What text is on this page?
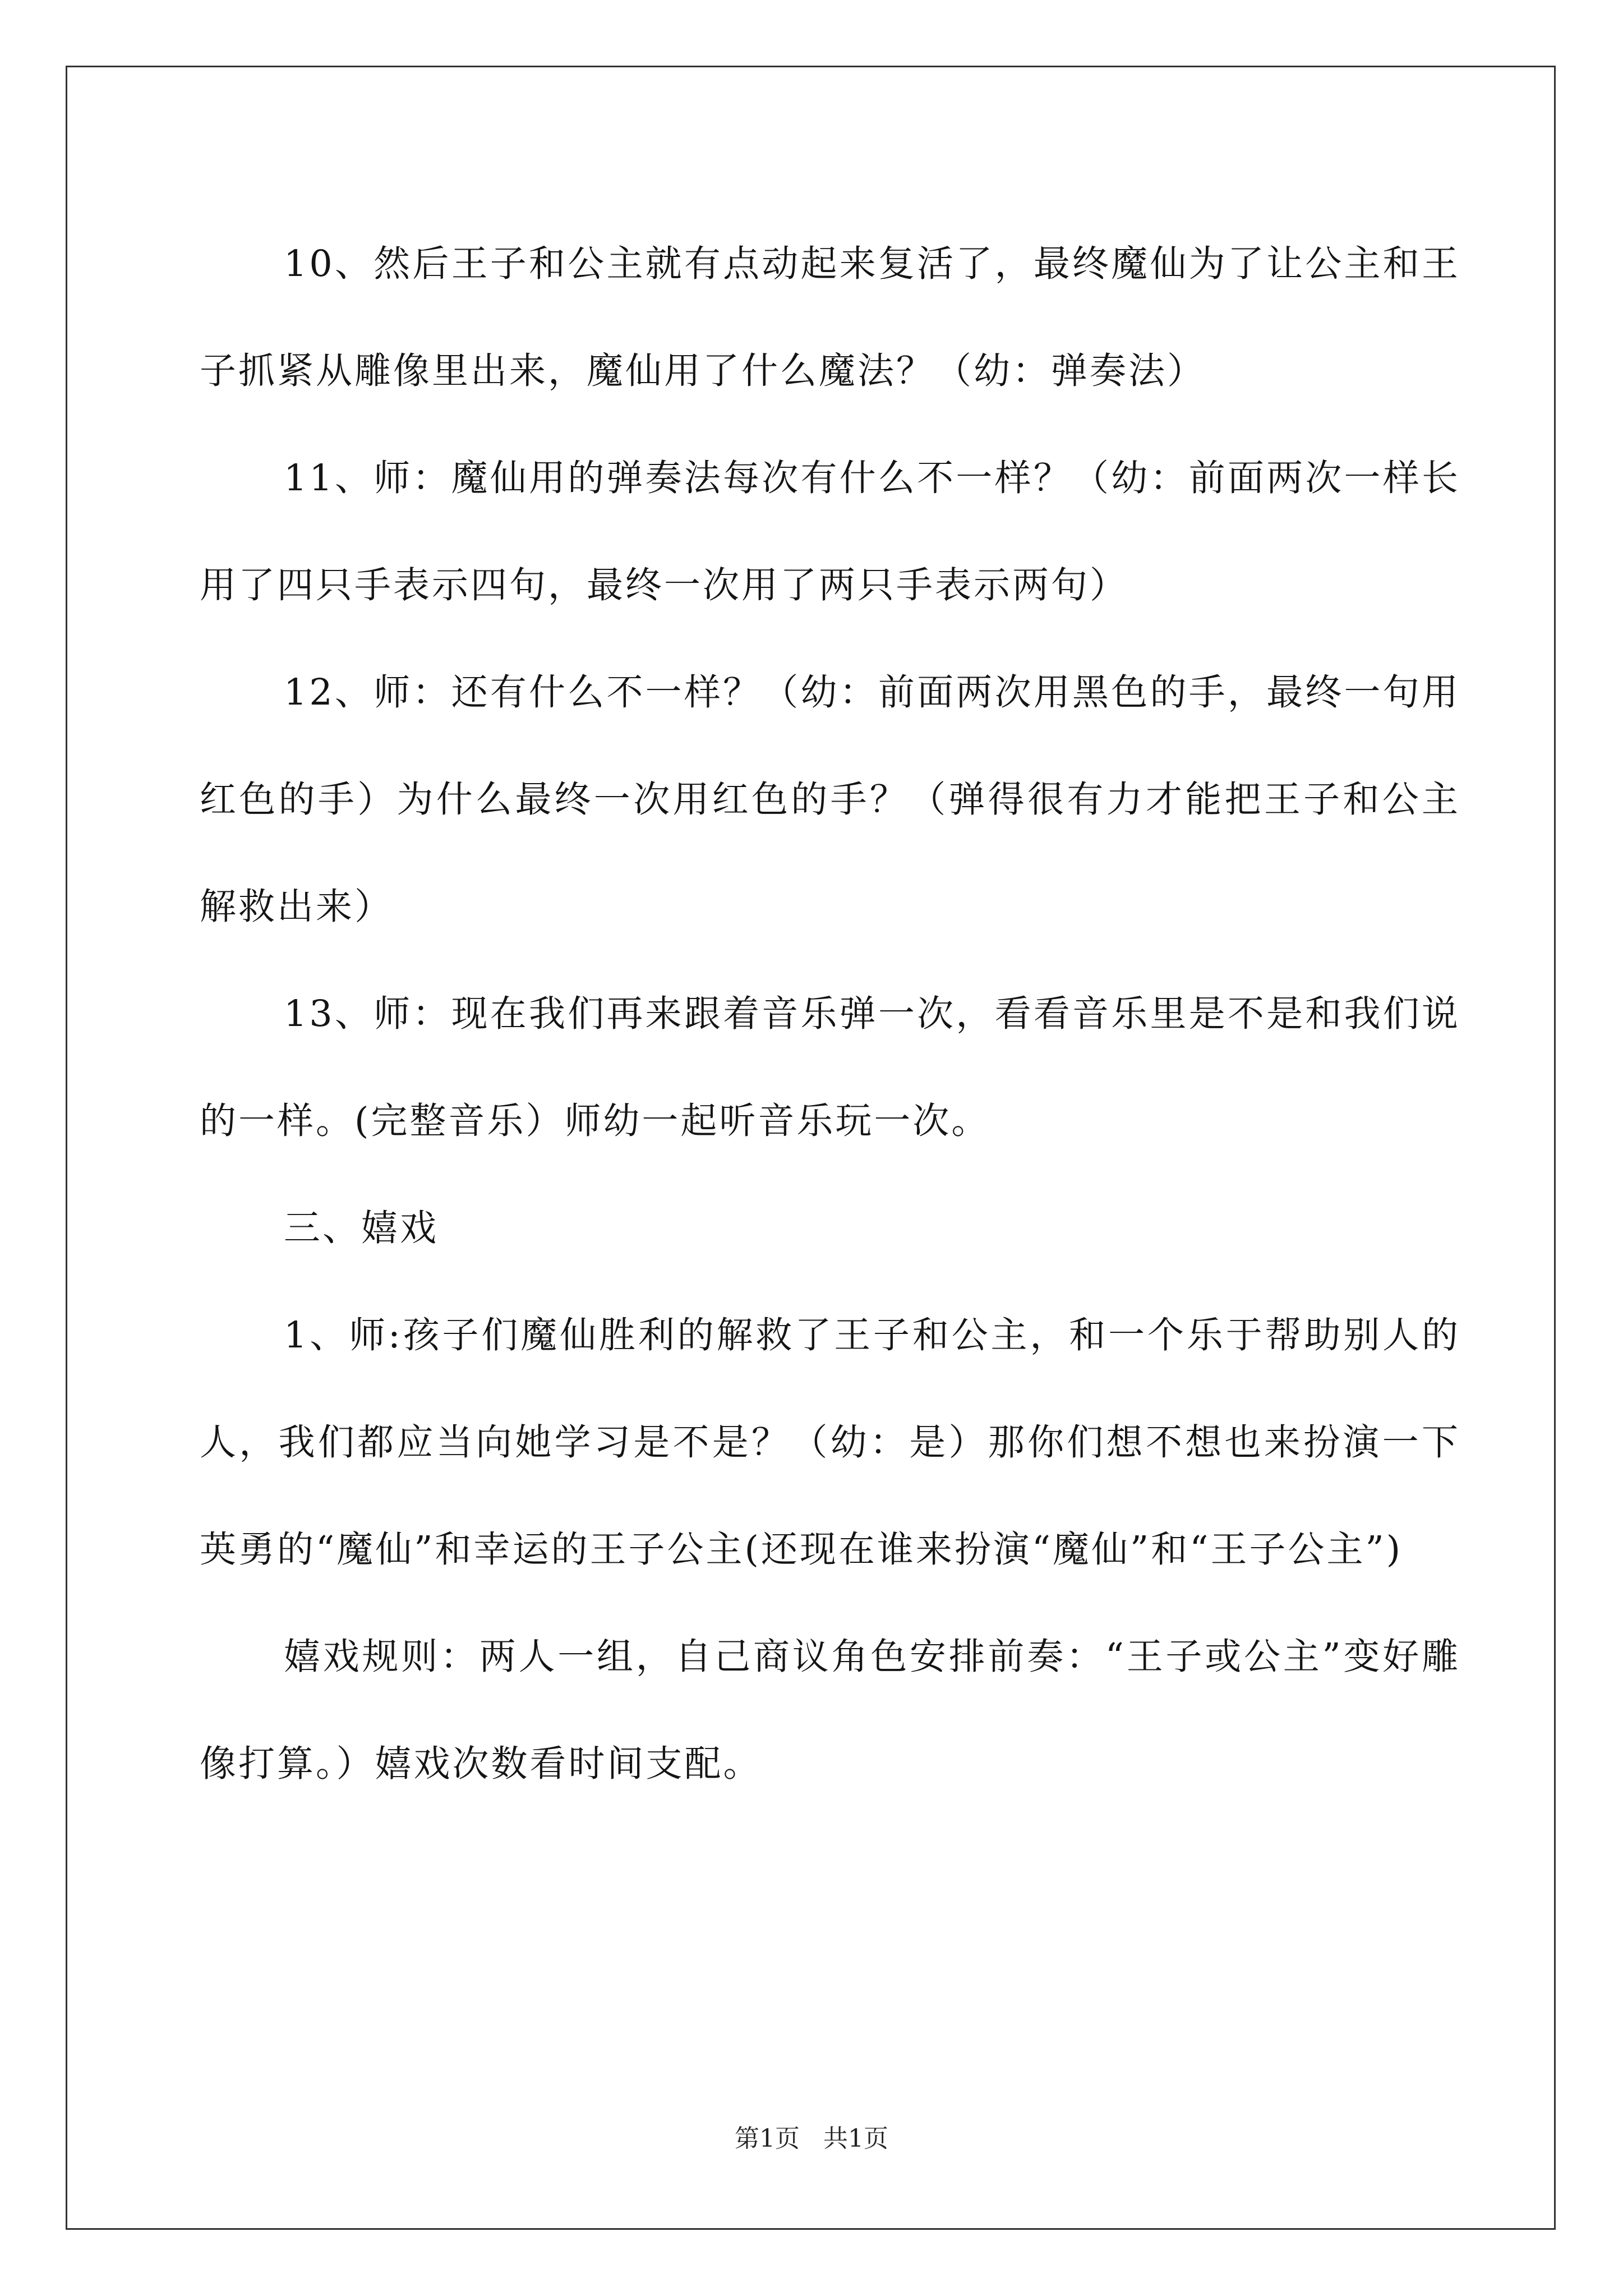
10、然后王子和公主就有点动起来复活了，最终魔仙为了让公主和王子抓紧从雕像里出来，魔仙用了什么魔法？（幼：弹奏法）

11、师：魔仙用的弹奏法每次有什么不一样？（幼：前面两次一样长用了四只手表示四句，最终一次用了两只手表示两句）

12、师：还有什么不一样？（幼：前面两次用黑色的手，最终一句用红色的手）为什么最终一次用红色的手？（弹得很有力才能把王子和公主解救出来）

13、师：现在我们再来跟着音乐弹一次，看看音乐里是不是和我们说的一样。(完整音乐）师幼一起听音乐玩一次。

三、嬉戏

1、师:孩子们魔仙胜利的解救了王子和公主，和一个乐于帮助别人的人，我们都应当向她学习是不是？（幼：是）那你们想不想也来扮演一下英勇的“魔仙”和幸运的王子公主(还现在谁来扮演“魔仙”和“王子公主”)

嬉戏规则：两人一组，自己商议角色安排前奏：“王子或公主”变好雕像打算。）嬉戏次数看时间支配。

第1页   共1页
